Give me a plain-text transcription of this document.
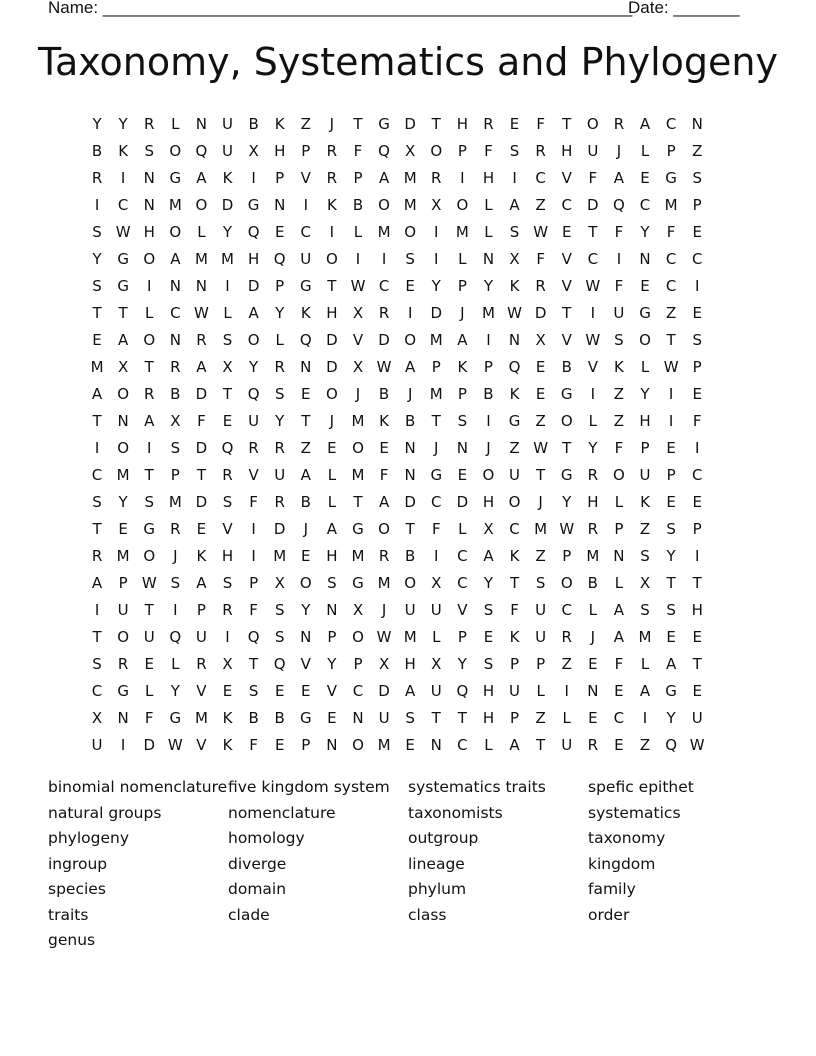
Name: ________________________________________________________
Date: _______
Taxonomy, Systematics and Phylogeny
Y	Y	R	L	N U	B	K	Z	J	T	G D	T	H	R	E	F	T	O R	A	C	N
B	K	S	O Q U	X	H	P	R	F	Q	X	O	P	F	S	R	H U	J	L	P	Z
R	I	N G	A	K	I	P	V	R	P	A M R	I	H	I	C	V	F	A	E	G	S
I	C	N M O D G N	I	K	B	O M X	O	L	A	Z	C	D Q C M	P
S W H O	L	Y	Q	E	C	I	L	M O	I	M	L	S W E	T	F	Y	F	E
Y	G O	A M M H Q U O	I	I	S	I	L	N	X	F	V	C	I	N	C	C
S	G	I	N N	I	D	P	G	T W C	E	Y	P	Y	K	R	V W F	E	C	I
T	T	L	C W L	A	Y	K	H	X	R	I	D	J	M W D	T	I	U G	Z	E
E	A	O N	R	S	O	L	Q D	V	D O M A	I	N	X	V W S	O	T	S
M X	T	R	A	X	Y	R	N D	X W A	P	K	P	Q	E	B	V	K	L W P
A	O R	B	D	T	Q	S	E	O	J	B	J	M	P	B	K	E	G	I	Z	Y	I	E
T	N	A	X	F	E	U	Y	T	J	M K	B	T	S	I	G	Z	O	L	Z	H	I	F
I	O	I	S	D Q R	R	Z	E	O	E	N	J	N	J	Z W T	Y	F	P	E	I
C M	T	P	T	R	V	U	A	L	M	F	N G	E	O U	T	G	R O U	P	C
S	Y	S M D	S	F	R	B	L	T	A	D	C	D H O	J	Y	H	L	K	E	E
T	E	G	R	E	V	I	D	J	A	G O	T	F	L	X	C M W R	P	Z	S	P
R M O	J	K	H	I	M E	H M R	B	I	C	A	K	Z	P	M N	S	Y	I
A	P W S	A	S	P	X	O	S	G M O	X	C	Y	T	S	O	B	L	X	T	T
I	U	T	I	P	R	F	S	Y	N	X	J	U	U	V	S	F	U	C	L	A	S	S	H
T	O U Q U	I	Q	S	N	P	O W M	L	P	E	K	U	R	J	A M E	E
S	R	E	L	R	X	T	Q	V	Y	P	X	H	X	Y	S	P	P	Z	E	F	L	A	T
C	G	L	Y	V	E	S	E	E	V	C	D	A	U Q H U	L	I	N	E	A	G	E
X	N	F	G M K	B	B	G	E	N U	S	T	T	H	P	Z	L	E	C	I	Y	U
U	I	D W V	K	F	E	P	N O M E	N	C	L	A	T	U	R	E	Z	Q W
binomial nomenclature
natural groups
phylogeny
ingroup
species
traits
genus
five kingdom system
nomenclature
homology
diverge
domain
clade
systematics traits
taxonomists
outgroup
lineage
phylum
class
spefic epithet
systematics
taxonomy
kingdom
family
order
